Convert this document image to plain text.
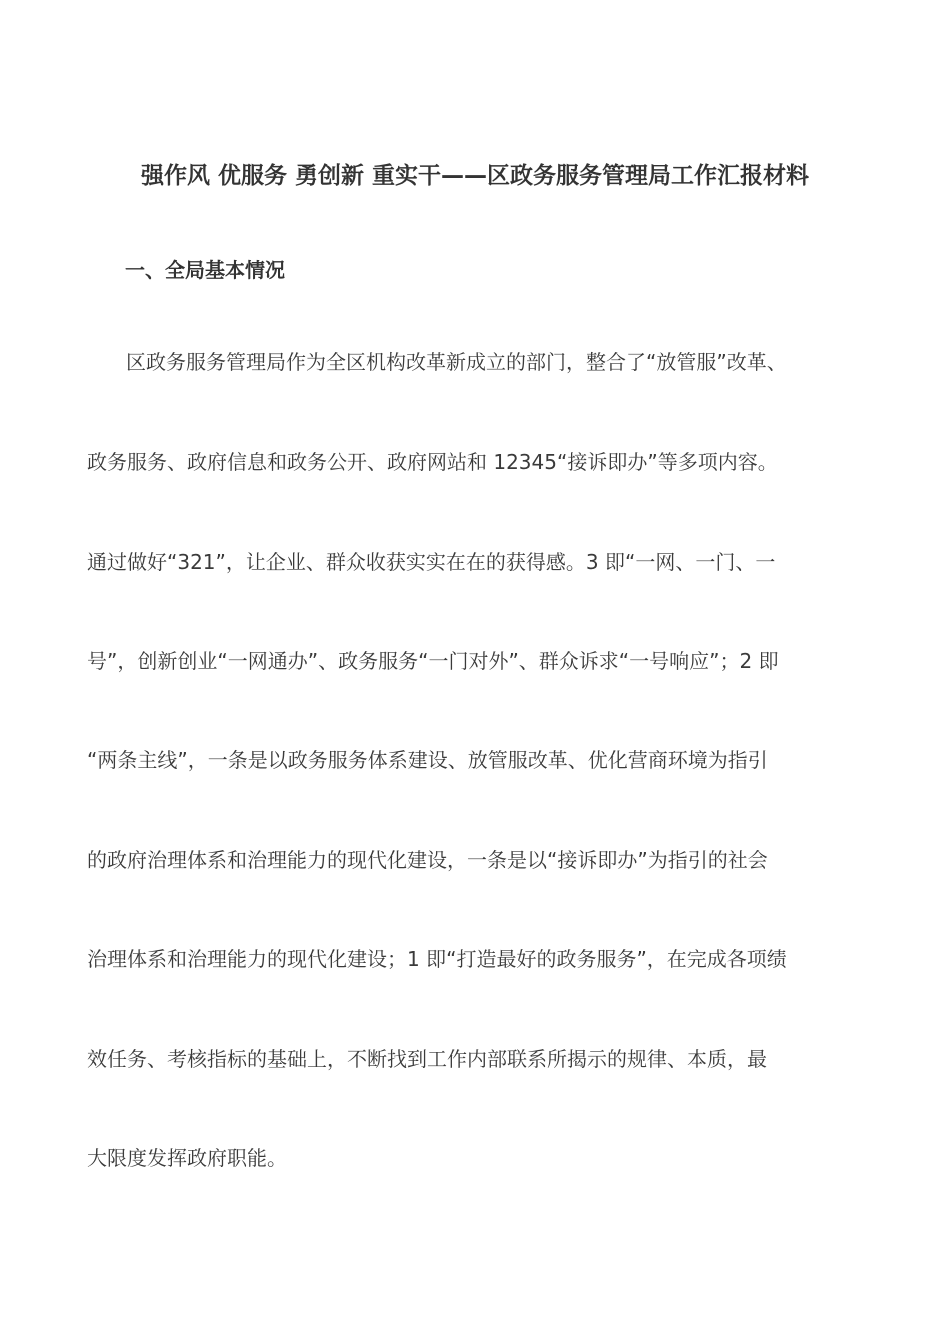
强作风 优服务 勇创新 重实干——区政务服务管理局工作汇报材料
一、全局基本情况
区政务服务管理局作为全区机构改革新成立的部门，整合了“放管服”改革、
政务服务、政府信息和政务公开、政府网站和 12345“接诉即办”等多项内容。
通过做好“321”，让企业、群众收获实实在在的获得感。3 即“一网、一门、一
号”，创新创业“一网通办”、政务服务“一门对外”、群众诉求“一号响应”；2 即
“两条主线”，一条是以政务服务体系建设、放管服改革、优化营商环境为指引
的政府治理体系和治理能力的现代化建设，一条是以“接诉即办”为指引的社会
治理体系和治理能力的现代化建设；1 即“打造最好的政务服务”，在完成各项绩
效任务、考核指标的基础上，不断找到工作内部联系所揭示的规律、本质，最
大限度发挥政府职能。
